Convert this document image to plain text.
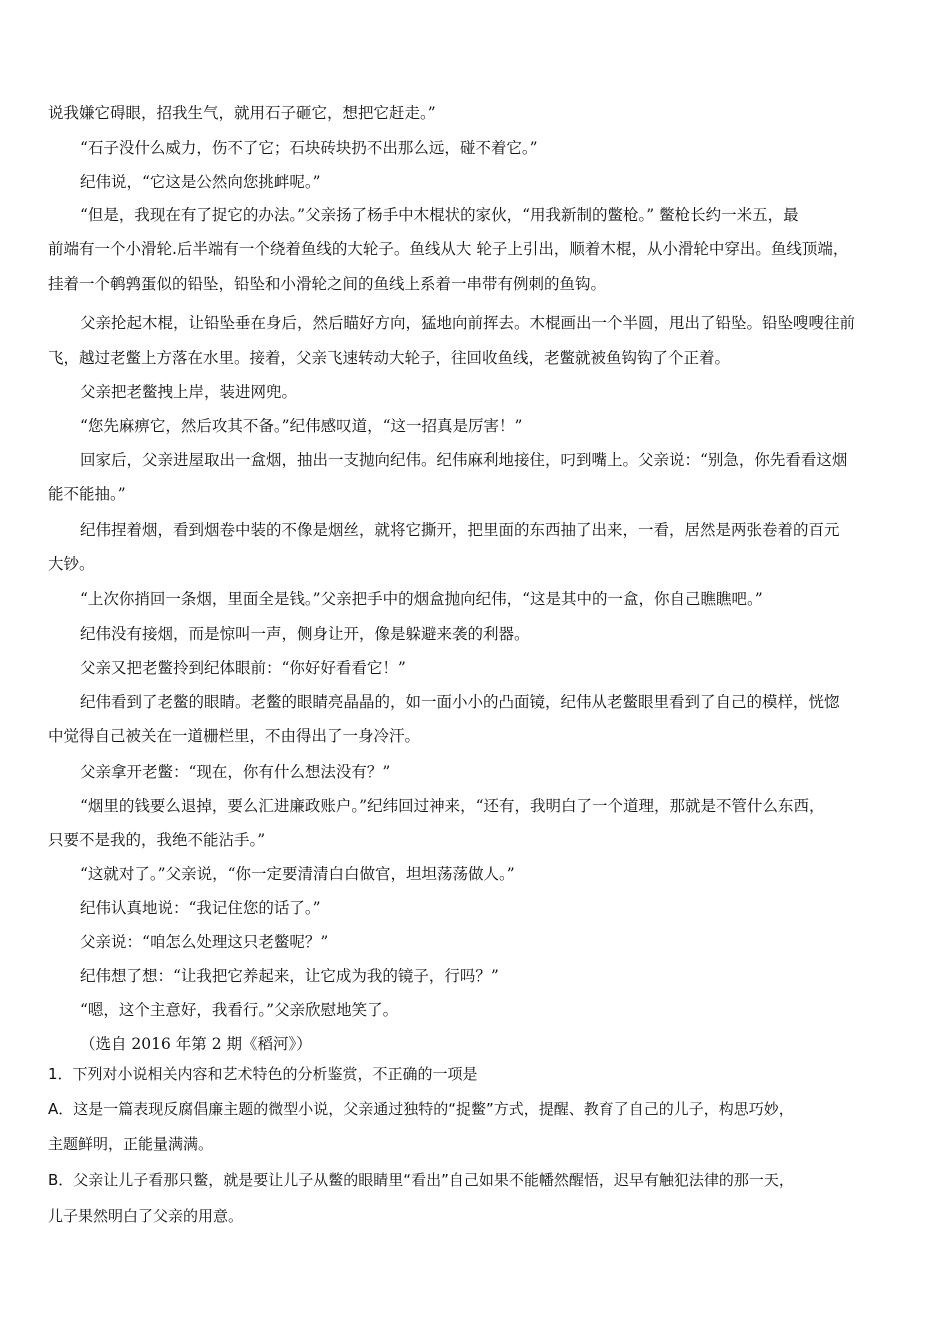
说我嫌它碍眼，招我生气，就用石子砸它，想把它赶走。”
“石子没什么威力，伤不了它；石块砖块扔不出那么远，碰不着它。”
纪伟说，“它这是公然向您挑衅呢。”
“但是，我现在有了捉它的办法。”父亲扬了杨手中木棍状的家伙，“用我新制的鳖枪。” 鳖枪长约一米五，最
前端有一个小滑轮.后半端有一个绕着鱼线的大轮子。鱼线从大 轮子上引出，顺着木棍，从小滑轮中穿出。鱼线顶端，
挂着一个鹌鹑蛋似的铅坠，铅坠和小滑轮之间的鱼线上系着一串带有例刺的鱼钩。
父亲抡起木棍，让铅坠垂在身后，然后瞄好方向，猛地向前挥去。木棍画出一个半圆，甩出了铅坠。铅坠嗖嗖往前
飞，越过老鳖上方落在水里。接着，父亲飞速转动大轮子，往回收鱼线，老鳖就被鱼钩钩了个正着。
父亲把老鳖拽上岸，装进网兜。
“您先麻痹它，然后攻其不备。”纪伟感叹道，“这一招真是厉害！”
回家后，父亲进屋取出一盒烟，抽出一支抛向纪伟。纪伟麻利地接住，叼到嘴上。父亲说：“别急，你先看看这烟
能不能抽。”
纪伟捏着烟，看到烟卷中装的不像是烟丝，就将它撕开，把里面的东西抽了出来，一看，居然是两张卷着的百元
大钞。
“上次你捎回一条烟，里面全是钱。”父亲把手中的烟盒抛向纪伟，“这是其中的一盒，你自己瞧瞧吧。”
纪伟没有接烟，而是惊叫一声，侧身让开，像是躲避来袭的利器。
父亲又把老鳖拎到纪体眼前：“你好好看看它！”
纪伟看到了老鳖的眼睛。老鳖的眼睛亮晶晶的，如一面小小的凸面镜，纪伟从老鳖眼里看到了自己的模样，恍惚
中觉得自己被关在一道栅栏里，不由得出了一身冷汗。
父亲拿开老鳖：“现在，你有什么想法没有？”
“烟里的钱要么退掉，要么汇进廉政账户。”纪纬回过神来，“还有，我明白了一个道理，那就是不管什么东西，
只要不是我的，我绝不能沾手。”
“这就对了。”父亲说，“你一定要清清白白做官，坦坦荡荡做人。”
纪伟认真地说：“我记住您的话了。”
父亲说：“咱怎么处理这只老鳖呢？”
纪伟想了想：“让我把它养起来，让它成为我的镜子，行吗？”
“嗯，这个主意好，我看行。”父亲欣慰地笑了。
（选自 2016 年第 2 期《稻河》）
1．下列对小说相关内容和艺术特色的分析鉴赏，不正确的一项是
A．这是一篇表现反腐倡廉主题的微型小说，父亲通过独特的“捉鳖”方式，提醒、教育了自己的儿子，构思巧妙，
主题鲜明，正能量满满。
B．父亲让儿子看那只鳖，就是要让儿子从鳖的眼睛里“看出”自己如果不能幡然醒悟，迟早有触犯法律的那一天，
儿子果然明白了父亲的用意。
